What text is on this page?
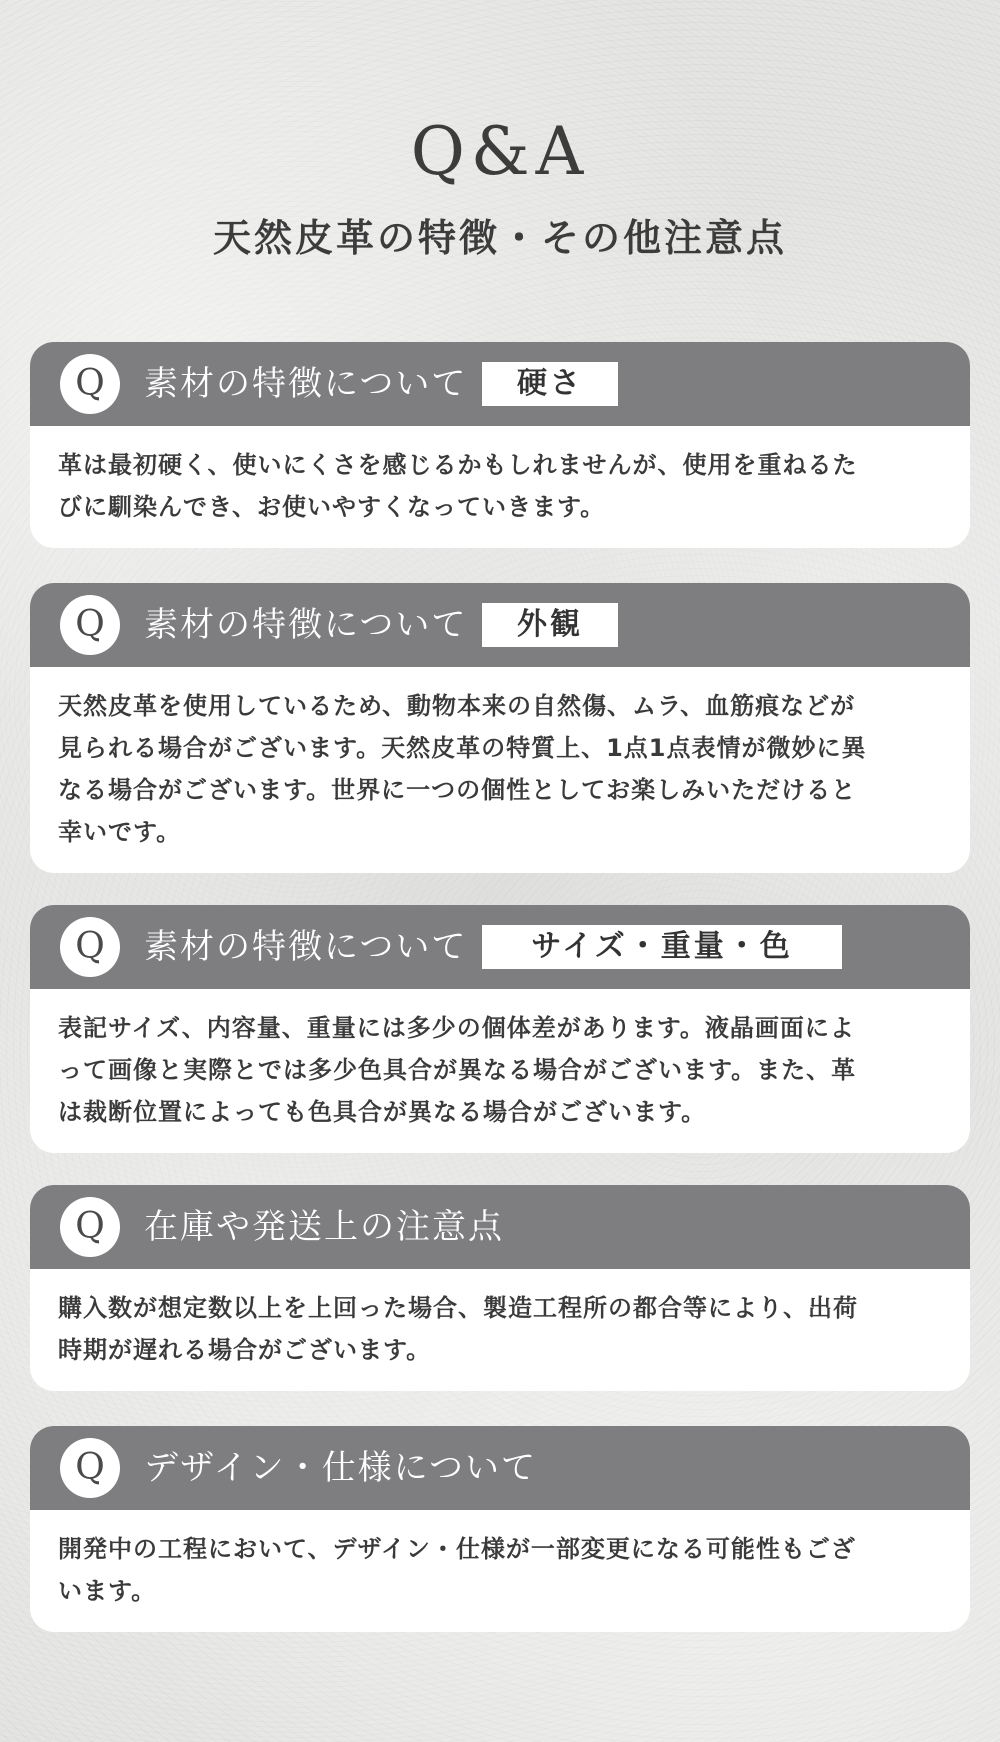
Q&A
天然皮革の特徴・その他注意点
Q	素材の特徴について	硬さ

革は最初硬く、使いにくさを感じるかもしれませんが、使用を重ねるた

びに馴染んでき、お使いやすくなっていきます。

Q	素材の特徴について	外観

天然皮革を使用しているため、動物本来の自然傷、ムラ、血筋痕などが

見られる場合がございます。天然皮革の特質上、1点1点表情が微妙に異

なる場合がございます。世界に一つの個性としてお楽しみいただけると

幸いです。

Q	素材の特徴について	サイズ・重量・色

表記サイズ、内容量、重量には多少の個体差があります。液晶画面によ

って画像と実際とでは多少色具合が異なる場合がございます。また、革

は裁断位置によっても色具合が異なる場合がございます。

Q	在庫や発送上の注意点

購入数が想定数以上を上回った場合、製造工程所の都合等により、出荷

時期が遅れる場合がございます。

Q	デザイン・仕様について

開発中の工程において、デザイン・仕様が一部変更になる可能性もござ

います。
